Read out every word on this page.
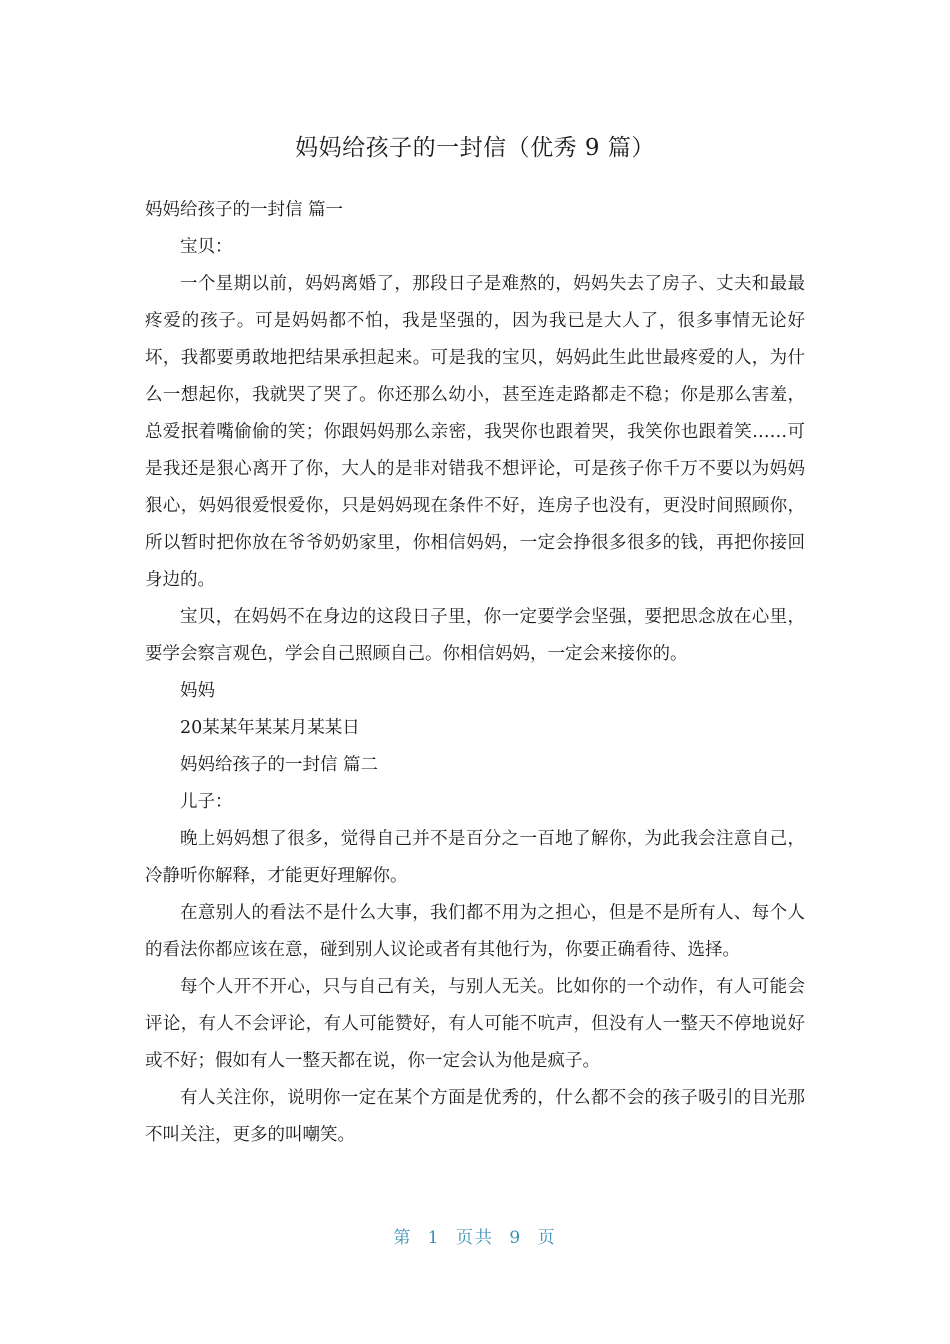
妈妈给孩子的一封信（优秀 9 篇）

妈妈给孩子的一封信 篇一

宝贝：

一个星期以前，妈妈离婚了，那段日子是难熬的，妈妈失去了房子、丈夫和最最疼爱的孩子。可是妈妈都不怕，我是坚强的，因为我已是大人了，很多事情无论好坏，我都要勇敢地把结果承担起来。可是我的宝贝，妈妈此生此世最疼爱的人，为什么一想起你，我就哭了哭了。你还那么幼小，甚至连走路都走不稳；你是那么害羞，总爱抿着嘴偷偷的笑；你跟妈妈那么亲密，我哭你也跟着哭，我笑你也跟着笑……可是我还是狠心离开了你，大人的是非对错我不想评论，可是孩子你千万不要以为妈妈狠心，妈妈很爱恨爱你，只是妈妈现在条件不好，连房子也没有，更没时间照顾你，所以暂时把你放在爷爷奶奶家里，你相信妈妈，一定会挣很多很多的钱，再把你接回身边的。

宝贝，在妈妈不在身边的这段日子里，你一定要学会坚强，要把思念放在心里，要学会察言观色，学会自己照顾自己。你相信妈妈，一定会来接你的。

妈妈

20某某年某某月某某日

妈妈给孩子的一封信 篇二

儿子：

晚上妈妈想了很多，觉得自己并不是百分之一百地了解你，为此我会注意自己，冷静听你解释，才能更好理解你。

在意别人的看法不是什么大事，我们都不用为之担心，但是不是所有人、每个人的看法你都应该在意，碰到别人议论或者有其他行为，你要正确看待、选择。

每个人开不开心，只与自己有关，与别人无关。比如你的一个动作，有人可能会评论，有人不会评论，有人可能赞好，有人可能不吭声，但没有人一整天不停地说好或不好；假如有人一整天都在说，你一定会认为他是疯子。

有人关注你，说明你一定在某个方面是优秀的，什么都不会的孩子吸引的目光那不叫关注，更多的叫嘲笑。

第 1 页共 9 页
